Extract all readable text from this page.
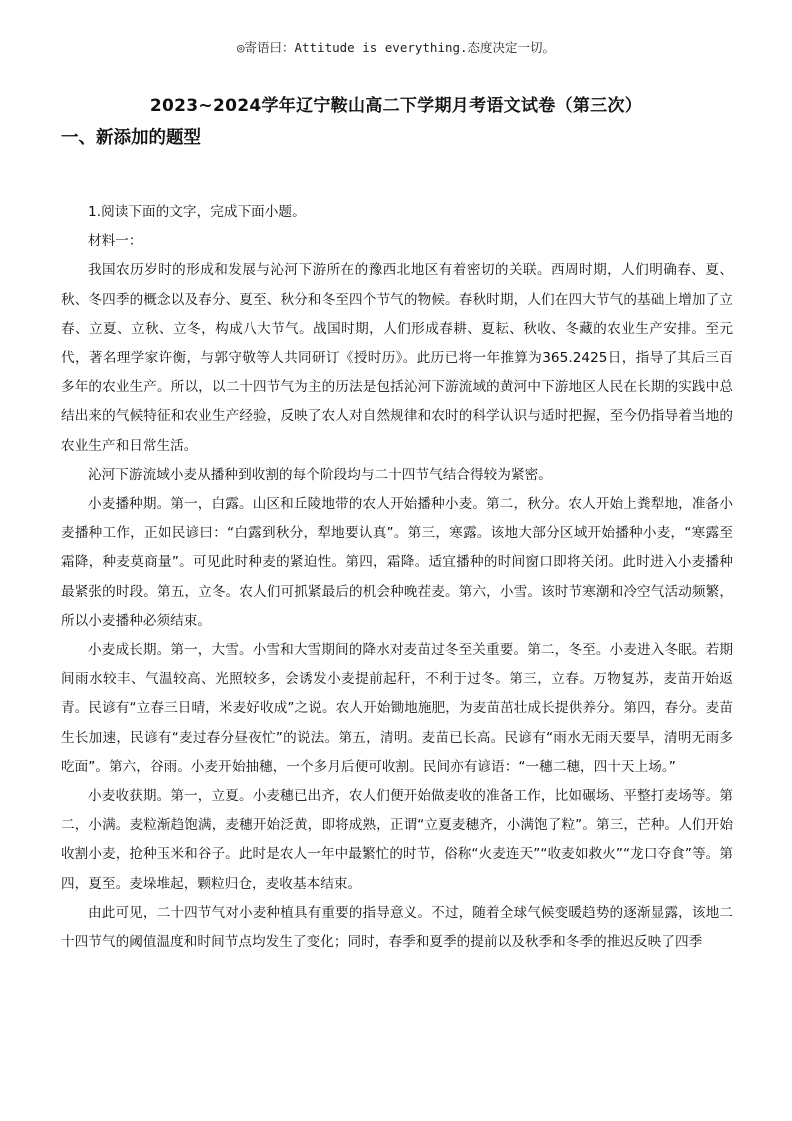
◎寄语曰：Attitude is everything.态度决定一切。
2023~2024学年辽宁鞍山高二下学期月考语文试卷（第三次）
一、新添加的题型

1.阅读下面的文字，完成下面小题。

材料一：

我国农历岁时的形成和发展与沁河下游所在的豫西北地区有着密切的关联。西周时期，人们明确春、夏、秋、冬四季的概念以及春分、夏至、秋分和冬至四个节气的物候。春秋时期，人们在四大节气的基础上增加了立春、立夏、立秋、立冬，构成八大节气。战国时期，人们形成春耕、夏耘、秋收、冬藏的农业生产安排。至元代，著名理学家许衡，与郭守敬等人共同研订《授时历》。此历已将一年推算为365.2425日，指导了其后三百多年的农业生产。所以，以二十四节气为主的历法是包括沁河下游流域的黄河中下游地区人民在长期的实践中总结出来的气候特征和农业生产经验，反映了农人对自然规律和农时的科学认识与适时把握，至今仍指导着当地的农业生产和日常生活。

沁河下游流域小麦从播种到收割的每个阶段均与二十四节气结合得较为紧密。

小麦播种期。第一，白露。山区和丘陵地带的农人开始播种小麦。第二，秋分。农人开始上粪犁地，准备小麦播种工作，正如民谚曰：“白露到秋分，犁地要认真”。第三，寒露。该地大部分区域开始播种小麦，“寒露至霜降，种麦莫商量”。可见此时种麦的紧迫性。第四，霜降。适宜播种的时间窗口即将关闭。此时进入小麦播种最紧张的时段。第五，立冬。农人们可抓紧最后的机会种晚茬麦。第六，小雪。该时节寒潮和冷空气活动频繁，所以小麦播种必须结束。

小麦成长期。第一，大雪。小雪和大雪期间的降水对麦苗过冬至关重要。第二，冬至。小麦进入冬眠。若期间雨水较丰、气温较高、光照较多，会诱发小麦提前起秆，不利于过冬。第三，立春。万物复苏，麦苗开始返青。民谚有“立春三日晴，米麦好收成”之说。农人开始锄地施肥，为麦苗茁壮成长提供养分。第四，春分。麦苗生长加速，民谚有“麦过春分昼夜忙”的说法。第五，清明。麦苗已长高。民谚有“雨水无雨天要旱，清明无雨多吃面”。第六，谷雨。小麦开始抽穗，一个多月后便可收割。民间亦有谚语：“一穗二穗，四十天上场。”

小麦收获期。第一，立夏。小麦穗已出齐，农人们便开始做麦收的准备工作，比如碾场、平整打麦场等。第二，小满。麦粒渐趋饱满，麦穗开始泛黄，即将成熟，正谓“立夏麦穗齐，小满饱了粒”。第三，芒种。人们开始收割小麦，抢种玉米和谷子。此时是农人一年中最繁忙的时节，俗称“火麦连天”“收麦如救火”“龙口夺食”等。第四，夏至。麦垛堆起，颗粒归仓，麦收基本结束。

由此可见，二十四节气对小麦种植具有重要的指导意义。不过，随着全球气候变暖趋势的逐渐显露，该地二十四节气的阈值温度和时间节点均发生了变化；同时，春季和夏季的提前以及秋季和冬季的推迟反映了四季
